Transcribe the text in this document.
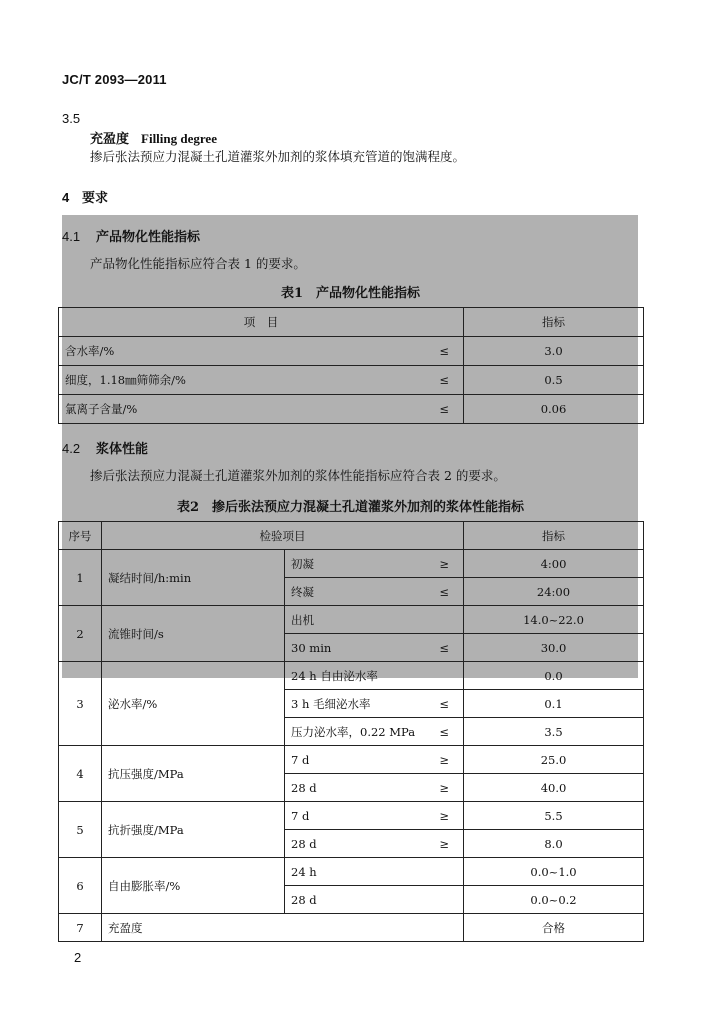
JC/T 2093—2011
3.5
充盈度 Filling degree
掺后张法预应力混凝土孔道灌浆外加剂的浆体填充管道的饱满程度。
4 要求
4.1 产品物化性能指标
产品物化性能指标应符合表 1 的要求。
表1　产品物化性能指标
项　目	指标
含水率/% ≤	3.0
细度，1.18㎜筛筛余/% ≤	0.5
氯离子含量/% ≤	0.06
4.2 浆体性能
掺后张法预应力混凝土孔道灌浆外加剂的浆体性能指标应符合表 2 的要求。
表2　掺后张法预应力混凝土孔道灌浆外加剂的浆体性能指标
序号	检验项目		指标
1	凝结时间/h:min	初凝 ≥	4:00
		终凝 ≤	24:00
2	流锥时间/s	出机	14.0~22.0
		30 min ≤	30.0
3	泌水率/%	24 h 自由泌水率	0.0
		3 h 毛细泌水率 ≤	0.1
		压力泌水率，0.22 MPa ≤	3.5
4	抗压强度/MPa	7 d ≥	25.0
		28 d ≥	40.0
5	抗折强度/MPa	7 d ≥	5.5
		28 d ≥	8.0
6	自由膨胀率/%	24 h	0.0~1.0
		28 d	0.0~0.2
7	充盈度		合格
2
